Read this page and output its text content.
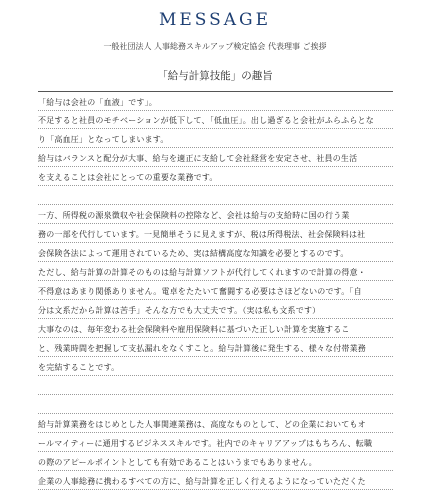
MESSAGE
一般社団法人 人事総務スキルアップ検定協会 代表理事 ご挨拶
「給与計算技能」の趣旨
「給与は会社の「血液」です」。
不足すると社員のモチベーションが低下して、「低血圧」。出し過ぎると会社がふらふらとな
り「高血圧」となってしまいます。
給与はバランスと配分が大事、給与を適正に支給して会社経営を安定させ、社員の生活
を支えることは会社にとっての重要な業務です。
一方、所得税の源泉徴収や社会保険料の控除など、会社は給与の支給時に国の行う業
務の一部を代行しています。一見簡単そうに見えますが、税は所得税法、社会保険料は社
会保険各法によって運用されているため、実は結構高度な知識を必要とするのです。
ただし、給与計算の計算そのものは給与計算ソフトが代行してくれますので計算の得意・
不得意はあまり関係ありません。電卓をたたいて奮闘する必要はさほどないのです。「自
分は文系だから計算は苦手」そんな方でも大丈夫です。（実は私も文系です）
大事なのは、毎年変わる社会保険料や雇用保険料に基づいた正しい計算を実施するこ
と、残業時間を把握して支払漏れをなくすこと。給与計算後に発生する、様々な付帯業務
を完結することです。
給与計算業務をはじめとした人事関連業務は、高度なものとして、どの企業においてもオ
ールマイティーに通用するビジネススキルです。社内でのキャリアアップはもちろん、転職
の際のアピールポイントとしても有効であることはいうまでもありません。
企業の人事総務に携わるすべての方に、給与計算を正しく行えるようになっていただくた
